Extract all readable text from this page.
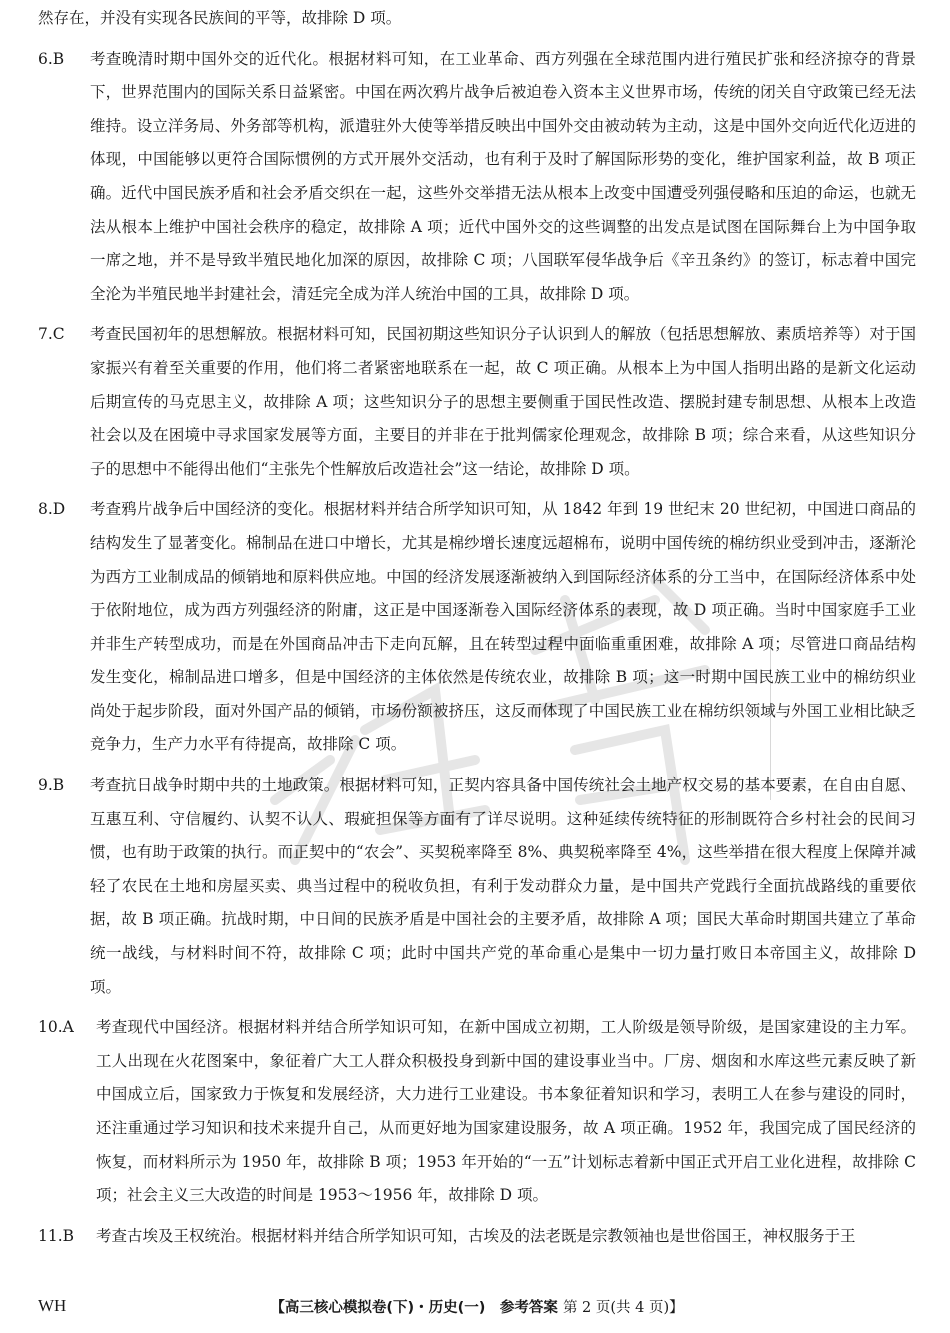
然存在，并没有实现各民族间的平等，故排除 D 项。

6.B	考查晚清时期中国外交的近代化。根据材料可知，在工业革命、西方列强在全球范围内进行殖民扩张和经济掠夺的背景下，世界范围内的国际关系日益紧密。中国在两次鸦片战争后被迫卷入资本主义世界市场，传统的闭关自守政策已经无法维持。设立洋务局、外务部等机构，派遣驻外大使等举措反映出中国外交由被动转为主动，这是中国外交向近代化迈进的体现，中国能够以更符合国际惯例的方式开展外交活动，也有利于及时了解国际形势的变化，维护国家利益，故 B 项正确。近代中国民族矛盾和社会矛盾交织在一起，这些外交举措无法从根本上改变中国遭受列强侵略和压迫的命运，也就无法从根本上维护中国社会秩序的稳定，故排除 A 项；近代中国外交的这些调整的出发点是试图在国际舞台上为中国争取一席之地，并不是导致半殖民地化加深的原因，故排除 C 项；八国联军侵华战争后《辛丑条约》的签订，标志着中国完全沦为半殖民地半封建社会，清廷完全成为洋人统治中国的工具，故排除 D 项。
7.C	考查民国初年的思想解放。根据材料可知，民国初期这些知识分子认识到人的解放（包括思想解放、素质培养等）对于国家振兴有着至关重要的作用，他们将二者紧密地联系在一起，故 C 项正确。从根本上为中国人指明出路的是新文化运动后期宣传的马克思主义，故排除 A 项；这些知识分子的思想主要侧重于国民性改造、摆脱封建专制思想、从根本上改造社会以及在困境中寻求国家发展等方面，主要目的并非在于批判儒家伦理观念，故排除 B 项；综合来看，从这些知识分子的思想中不能得出他们“主张先个性解放后改造社会”这一结论，故排除 D 项。
8.D	考查鸦片战争后中国经济的变化。根据材料并结合所学知识可知，从 1842 年到 19 世纪末 20 世纪初，中国进口商品的结构发生了显著变化。棉制品在进口中增长，尤其是棉纱增长速度远超棉布，说明中国传统的棉纺织业受到冲击，逐渐沦为西方工业制成品的倾销地和原料供应地。中国的经济发展逐渐被纳入到国际经济体系的分工当中，在国际经济体系中处于依附地位，成为西方列强经济的附庸，这正是中国逐渐卷入国际经济体系的表现，故 D 项正确。当时中国家庭手工业并非生产转型成功，而是在外国商品冲击下走向瓦解，且在转型过程中面临重重困难，故排除 A 项；尽管进口商品结构发生变化，棉制品进口增多，但是中国经济的主体依然是传统农业，故排除 B 项；这一时期中国民族工业中的棉纺织业尚处于起步阶段，面对外国产品的倾销，市场份额被挤压，这反而体现了中国民族工业在棉纺织领域与外国工业相比缺乏竞争力，生产力水平有待提高，故排除 C 项。
9.B	考查抗日战争时期中共的土地政策。根据材料可知，正契内容具备中国传统社会土地产权交易的基本要素，在自由自愿、互惠互利、守信履约、认契不认人、瑕疵担保等方面有了详尽说明。这种延续传统特征的形制既符合乡村社会的民间习惯，也有助于政策的执行。而正契中的“农会”、买契税率降至 8%、典契税率降至 4%，这些举措在很大程度上保障并减轻了农民在土地和房屋买卖、典当过程中的税收负担，有利于发动群众力量，是中国共产党践行全面抗战路线的重要依据，故 B 项正确。抗战时期，中日间的民族矛盾是中国社会的主要矛盾，故排除 A 项；国民大革命时期国共建立了革命统一战线，与材料时间不符，故排除 C 项；此时中国共产党的革命重心是集中一切力量打败日本帝国主义，故排除 D 项。
10.A	考查现代中国经济。根据材料并结合所学知识可知，在新中国成立初期，工人阶级是领导阶级，是国家建设的主力军。工人出现在火花图案中，象征着广大工人群众积极投身到新中国的建设事业当中。厂房、烟囱和水库这些元素反映了新中国成立后，国家致力于恢复和发展经济，大力进行工业建设。书本象征着知识和学习，表明工人在参与建设的同时，还注重通过学习知识和技术来提升自己，从而更好地为国家建设服务，故 A 项正确。1952 年，我国完成了国民经济的恢复，而材料所示为 1950 年，故排除 B 项；1953 年开始的“一五”计划标志着新中国正式开启工业化进程，故排除 C 项；社会主义三大改造的时间是 1953～1956 年，故排除 D 项。
11.B	考查古埃及王权统治。根据材料并结合所学知识可知，古埃及的法老既是宗教领袖也是世俗国王，神权服务于王
WH	【高三核心模拟卷(下)・历史(一)　参考答案 第 2 页(共 4 页)】
